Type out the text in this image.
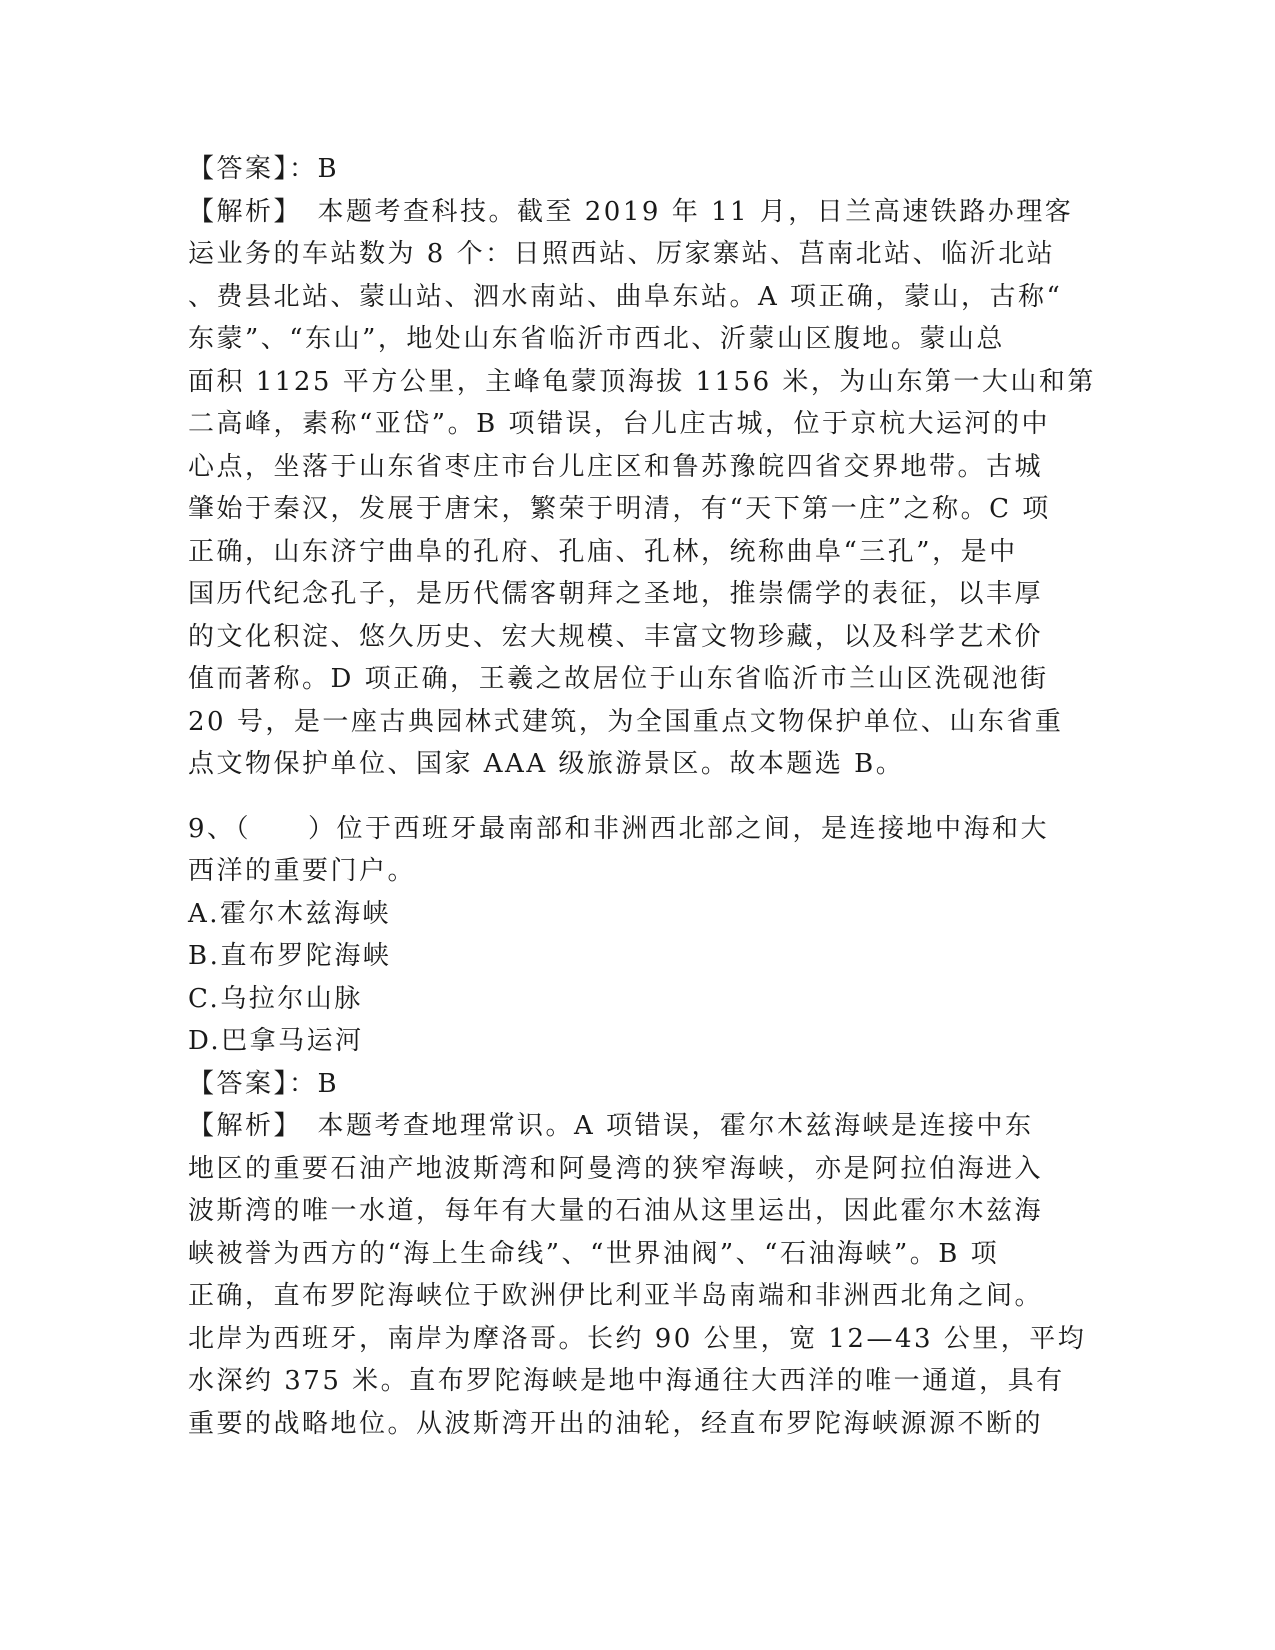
【答案】：B
【解析】　本题考查科技。截至 2019 年 11 月，日兰高速铁路办理客
运业务的车站数为 8 个：日照西站、厉家寨站、莒南北站、临沂北站
、费县北站、蒙山站、泗水南站、曲阜东站。A 项正确，蒙山，古称“
东蒙”、“东山”，地处山东省临沂市西北、沂蒙山区腹地。蒙山总
面积 1125 平方公里，主峰龟蒙顶海拔 1156 米，为山东第一大山和第
二高峰，素称“亚岱”。B 项错误，台儿庄古城，位于京杭大运河的中
心点，坐落于山东省枣庄市台儿庄区和鲁苏豫皖四省交界地带。古城
肇始于秦汉，发展于唐宋，繁荣于明清，有“天下第一庄”之称。C 项
正确，山东济宁曲阜的孔府、孔庙、孔林，统称曲阜“三孔”，是中
国历代纪念孔子，是历代儒客朝拜之圣地，推崇儒学的表征，以丰厚
的文化积淀、悠久历史、宏大规模、丰富文物珍藏，以及科学艺术价
值而著称。D 项正确，王羲之故居位于山东省临沂市兰山区洗砚池街
20 号，是一座古典园林式建筑，为全国重点文物保护单位、山东省重
点文物保护单位、国家 AAA 级旅游景区。故本题选 B。
9、（　　）位于西班牙最南部和非洲西北部之间，是连接地中海和大
西洋的重要门户。
A.霍尔木兹海峡
B.直布罗陀海峡
C.乌拉尔山脉
D.巴拿马运河
【答案】：B
【解析】　本题考查地理常识。A 项错误，霍尔木兹海峡是连接中东
地区的重要石油产地波斯湾和阿曼湾的狭窄海峡，亦是阿拉伯海进入
波斯湾的唯一水道，每年有大量的石油从这里运出，因此霍尔木兹海
峡被誉为西方的“海上生命线”、“世界油阀”、“石油海峡”。B 项
正确，直布罗陀海峡位于欧洲伊比利亚半岛南端和非洲西北角之间。
北岸为西班牙，南岸为摩洛哥。长约 90 公里，宽 12—43 公里，平均
水深约 375 米。直布罗陀海峡是地中海通往大西洋的唯一通道，具有
重要的战略地位。从波斯湾开出的油轮，经直布罗陀海峡源源不断的
